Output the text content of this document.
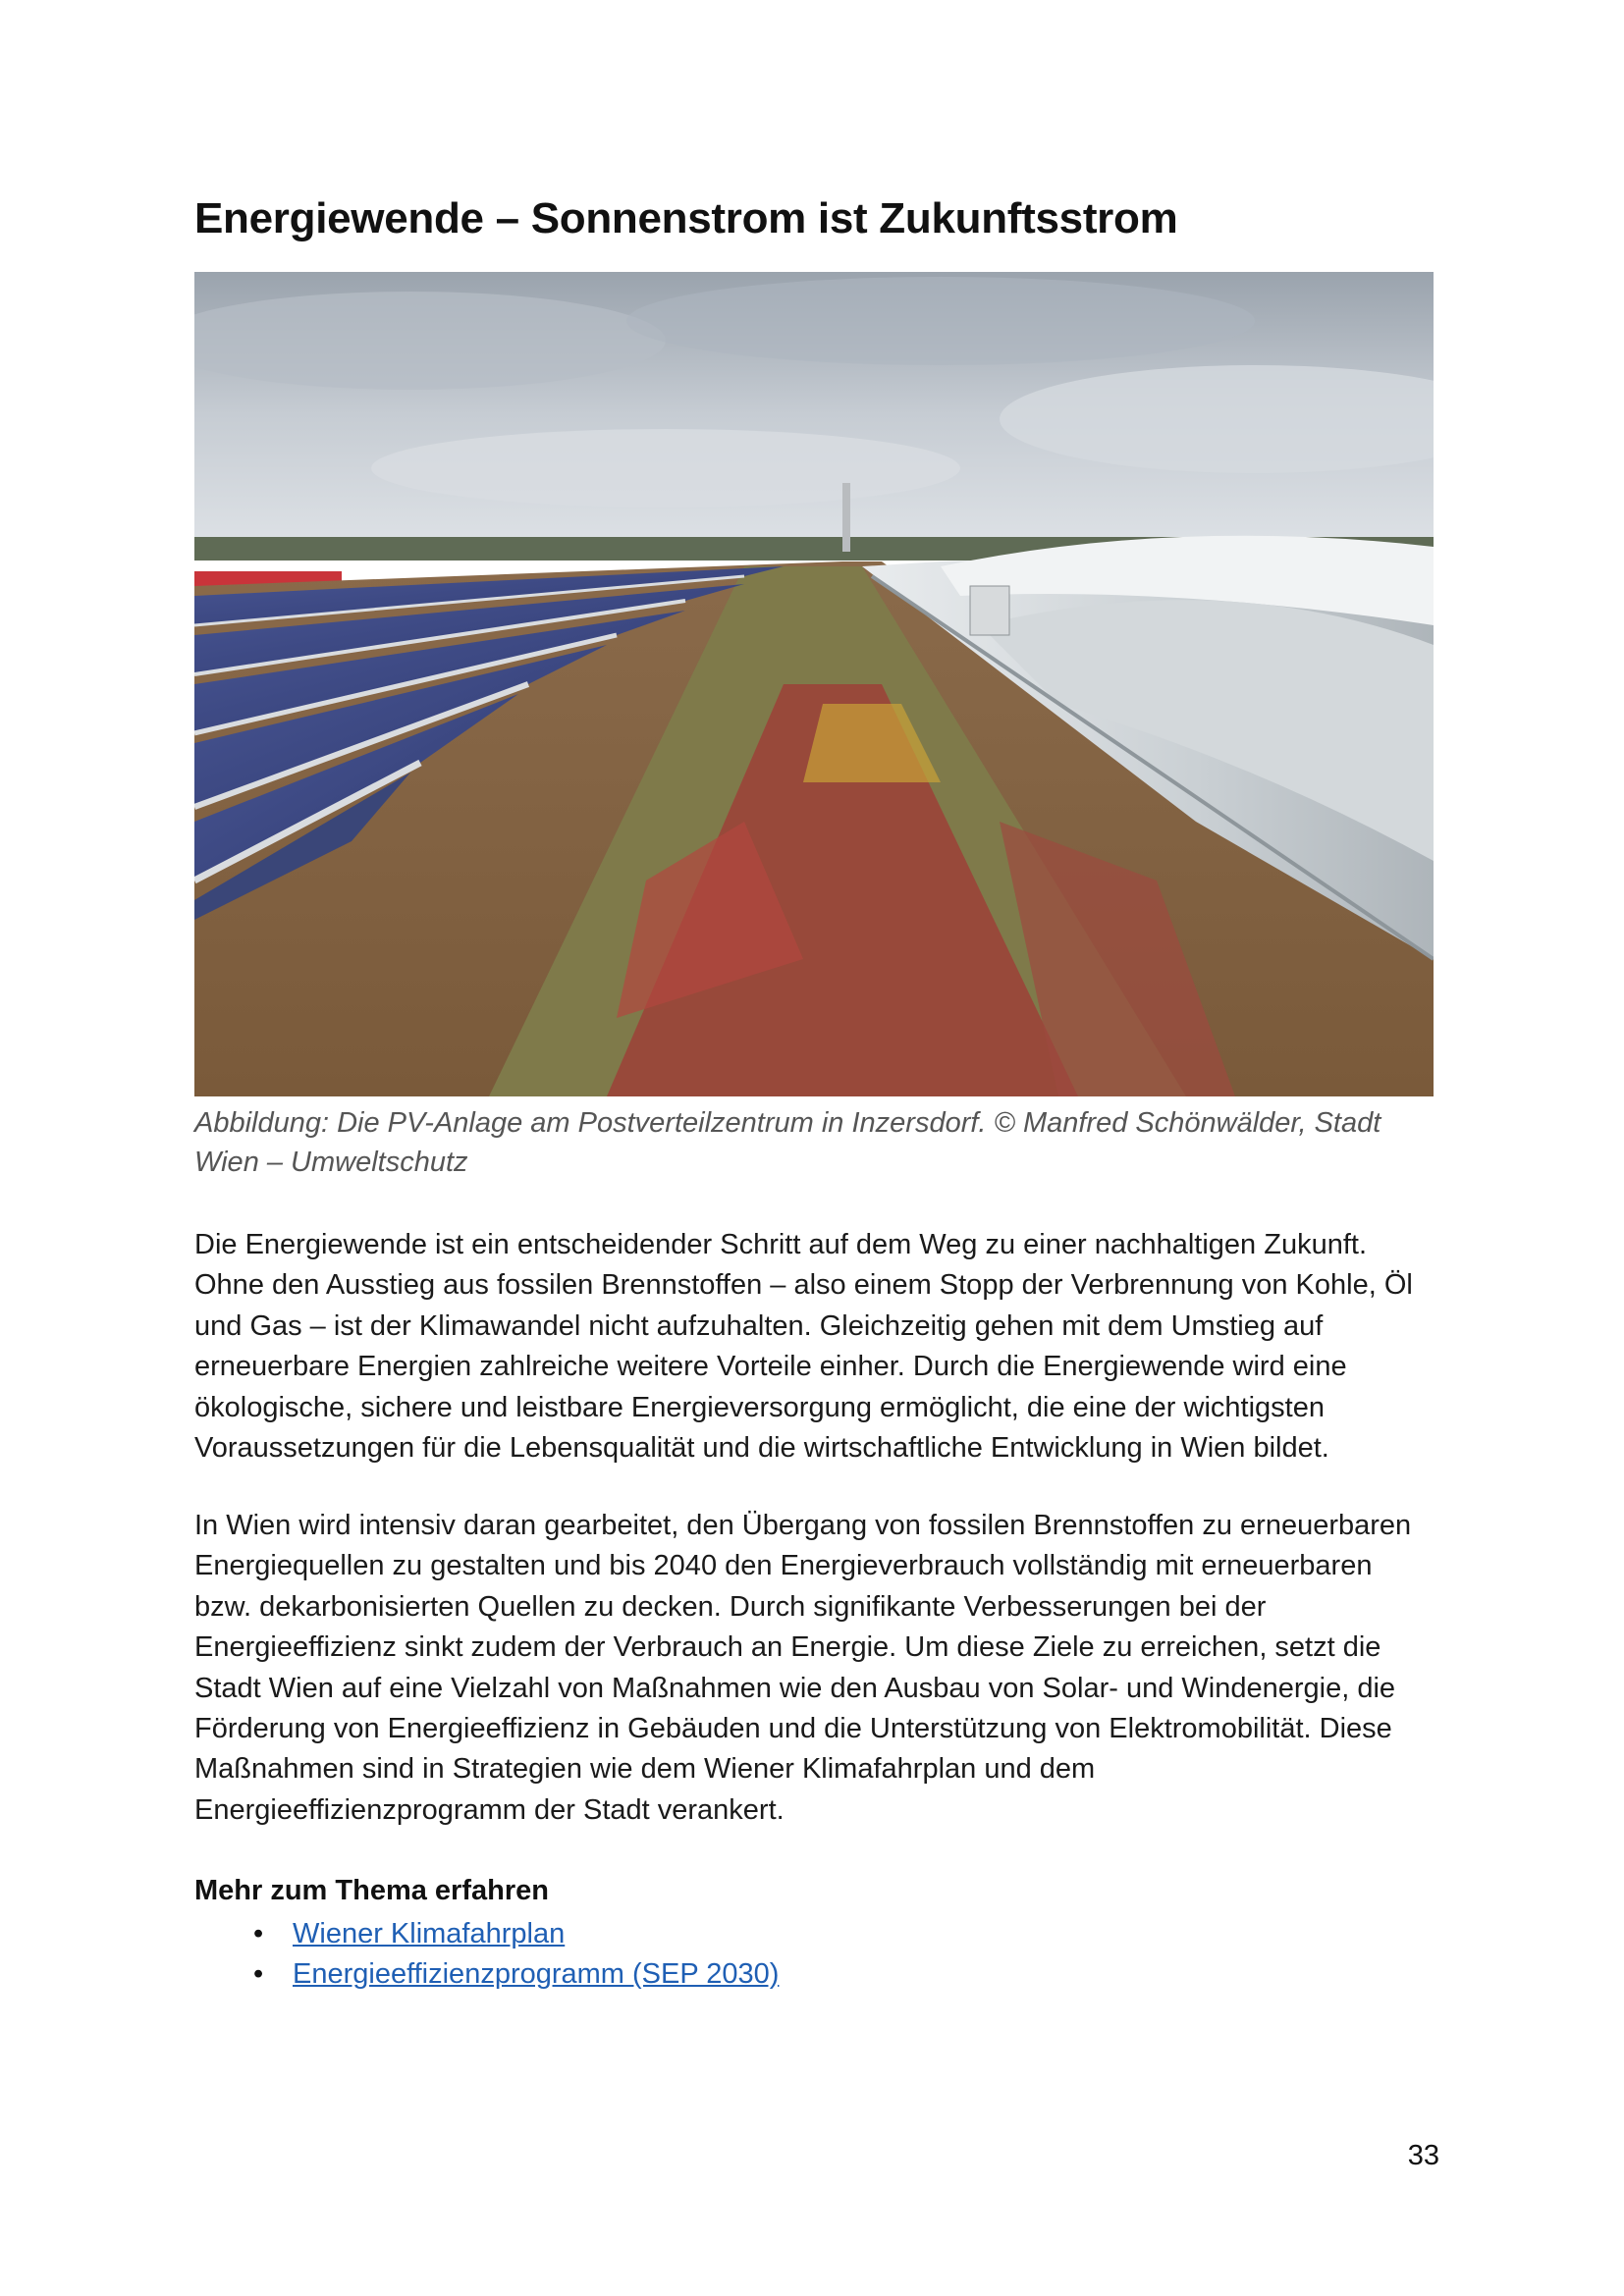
Energiewende – Sonnenstrom ist Zukunftsstrom

Abbildung: Die PV-Anlage am Postverteilzentrum in Inzersdorf. © Manfred Schönwälder, Stadt Wien – Umweltschutz

Die Energiewende ist ein entscheidender Schritt auf dem Weg zu einer nachhaltigen Zukunft. Ohne den Ausstieg aus fossilen Brennstoffen – also einem Stopp der Verbrennung von Kohle, Öl und Gas – ist der Klimawandel nicht aufzuhalten. Gleichzeitig gehen mit dem Umstieg auf erneuerbare Energien zahlreiche weitere Vorteile einher. Durch die Energiewende wird eine ökologische, sichere und leistbare Energieversorgung ermöglicht, die eine der wichtigsten Voraussetzungen für die Lebensqualität und die wirtschaftliche Entwicklung in Wien bildet.

In Wien wird intensiv daran gearbeitet, den Übergang von fossilen Brennstoffen zu erneuerbaren Energiequellen zu gestalten und bis 2040 den Energieverbrauch vollständig mit erneuerbaren bzw. dekarbonisierten Quellen zu decken. Durch signifikante Verbesserungen bei der Energieeffizienz sinkt zudem der Verbrauch an Energie. Um diese Ziele zu erreichen, setzt die Stadt Wien auf eine Vielzahl von Maßnahmen wie den Ausbau von Solar- und Windenergie, die Förderung von Energieeffizienz in Gebäuden und die Unterstützung von Elektromobilität. Diese Maßnahmen sind in Strategien wie dem Wiener Klimafahrplan und dem Energieeffizienzprogramm der Stadt verankert.

Mehr zum Thema erfahren

• Wiener Klimafahrplan
• Energieeffizienzprogramm (SEP 2030)

33
